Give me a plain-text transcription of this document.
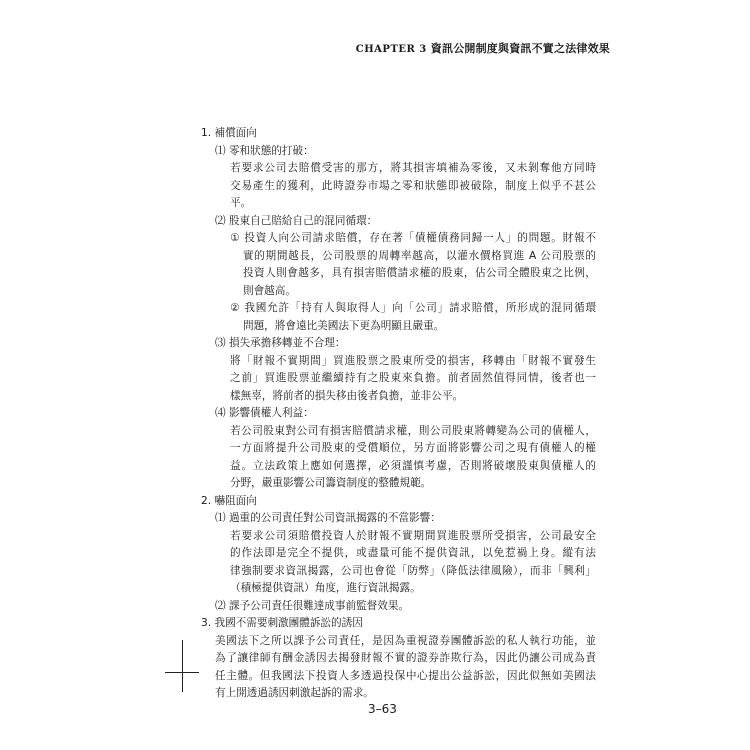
CHAPTER 3 資訊公開制度與資訊不實之法律效果
1. 補償面向
⑴ 零和狀態的打破：
若要求公司去賠償受害的那方，將其損害填補為零後，又未剝奪他方同時
交易產生的獲利，此時證券市場之零和狀態即被破除，制度上似乎不甚公
平。
⑵ 股東自己賠給自己的混同循環：
① 投資人向公司請求賠償，存在著「債權債務同歸一人」的問題。財報不
實的期間越長，公司股票的周轉率越高，以灌水價格買進 A 公司股票的
投資人則會越多，具有損害賠償請求權的股東，佔公司全體股東之比例，
則會越高。
② 我國允許「持有人與取得人」向「公司」請求賠償，所形成的混同循環
問題，將會遠比美國法下更為明顯且嚴重。
⑶ 損失承擔移轉並不合理：
將「財報不實期間」買進股票之股東所受的損害，移轉由「財報不實發生
之前」買進股票並繼續持有之股東來負擔。前者固然值得同情，後者也一
樣無辜，將前者的損失移由後者負擔，並非公平。
⑷ 影響債權人利益：
若公司股東對公司有損害賠償請求權，則公司股東將轉變為公司的債權人，
一方面將提升公司股東的受償順位，另方面將影響公司之現有債權人的權
益。立法政策上應如何選擇，必須謹慎考慮，否則將破壞股東與債權人的
分野，嚴重影響公司籌資制度的整體規範。
2. 嚇阻面向
⑴ 過重的公司責任對公司資訊揭露的不當影響：
若要求公司須賠償投資人於財報不實期間買進股票所受損害，公司最安全
的作法即是完全不提供，或盡量可能不提供資訊，以免惹禍上身。縱有法
律強制要求資訊揭露，公司也會從「防弊」（降低法律風險），而非「興利」
（積極提供資訊）角度，進行資訊揭露。
⑵ 課予公司責任很難達成事前監督效果。
3. 我國不需要刺激團體訴訟的誘因
美國法下之所以課予公司責任，是因為重視證券團體訴訟的私人執行功能，並
為了讓律師有酬金誘因去揭發財報不實的證券詐欺行為，因此仍讓公司成為責
任主體。但我國法下投資人多透過投保中心提出公益訴訟，因此似無如美國法
有上開透過誘因刺激起訴的需求。
3–63
